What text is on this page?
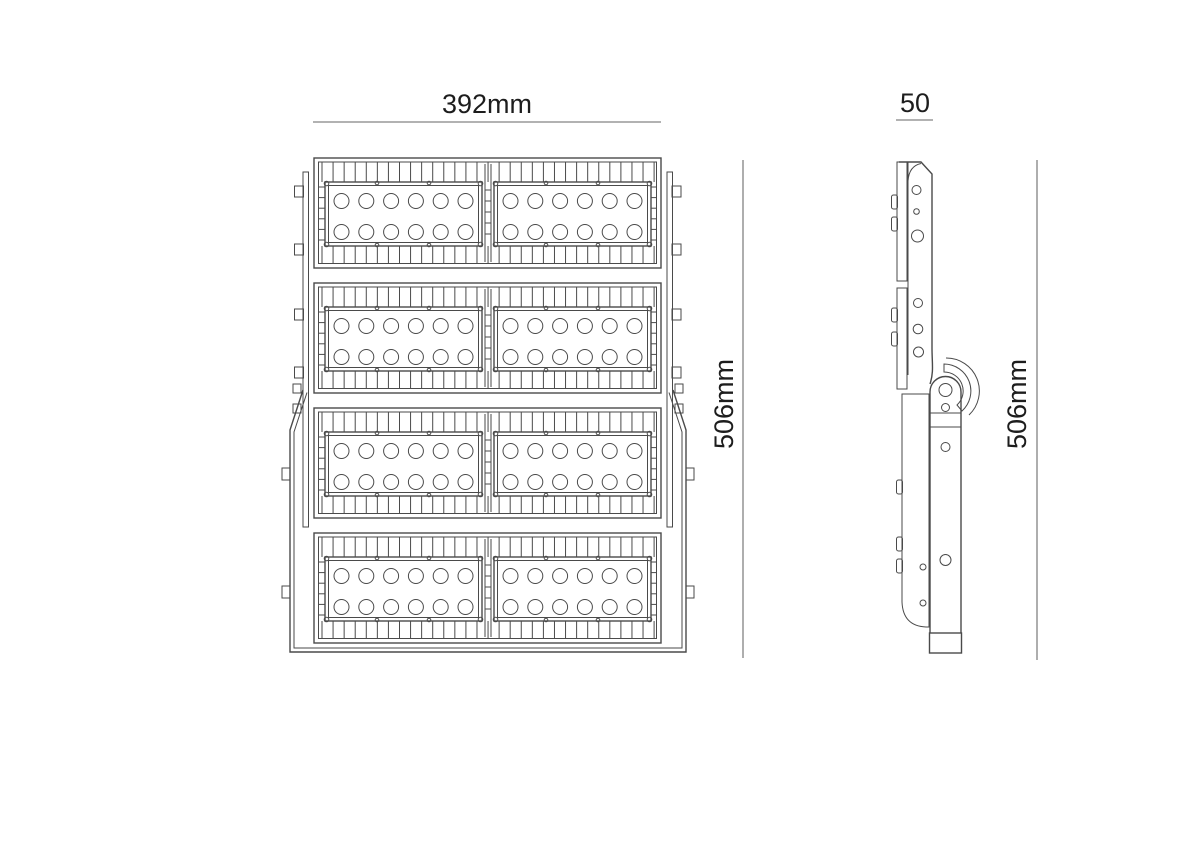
392mm
506mm
50
506mm
